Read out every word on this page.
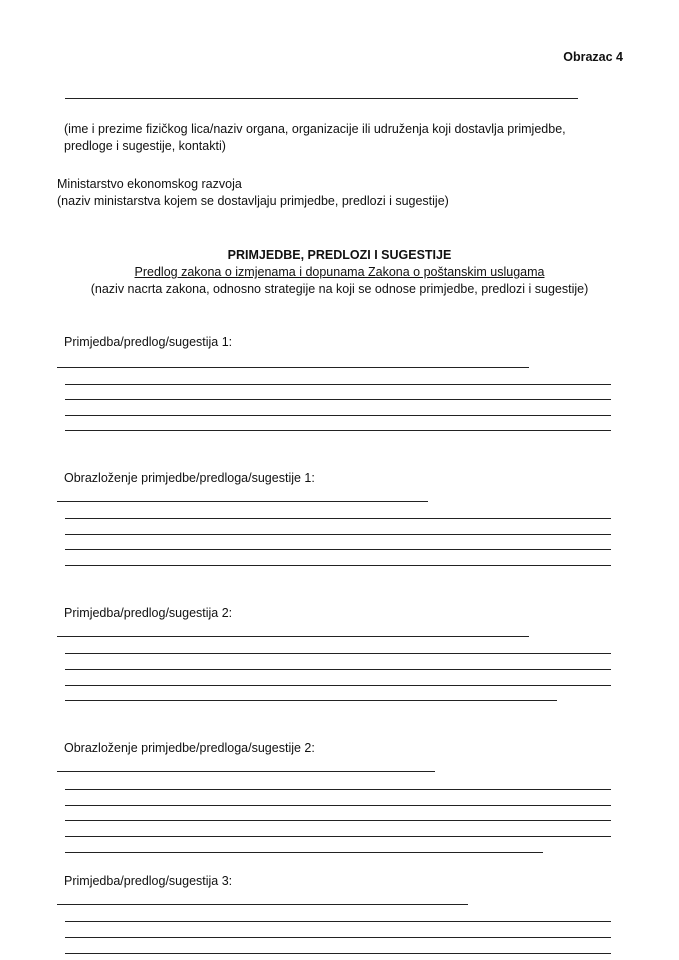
Obrazac 4
(ime i prezime fizičkog lica/naziv organa, organizacije ili udruženja koji dostavlja primjedbe,
predloge i sugestije, kontakti)
Ministarstvo ekonomskog razvoja
(naziv ministarstva kojem se dostavljaju primjedbe, predlozi i sugestije)
PRIMJEDBE, PREDLOZI I SUGESTIJE
Predlog zakona o izmjenama i dopunama Zakona o poštanskim uslugama
(naziv nacrta zakona, odnosno strategije na koji se odnose primjedbe, predlozi i sugestije)
Primjedba/predlog/sugestija 1:
Obrazloženje primjedbe/predloga/sugestije 1:
Primjedba/predlog/sugestija 2:
Obrazloženje primjedbe/predloga/sugestije 2:
Primjedba/predlog/sugestija 3:
